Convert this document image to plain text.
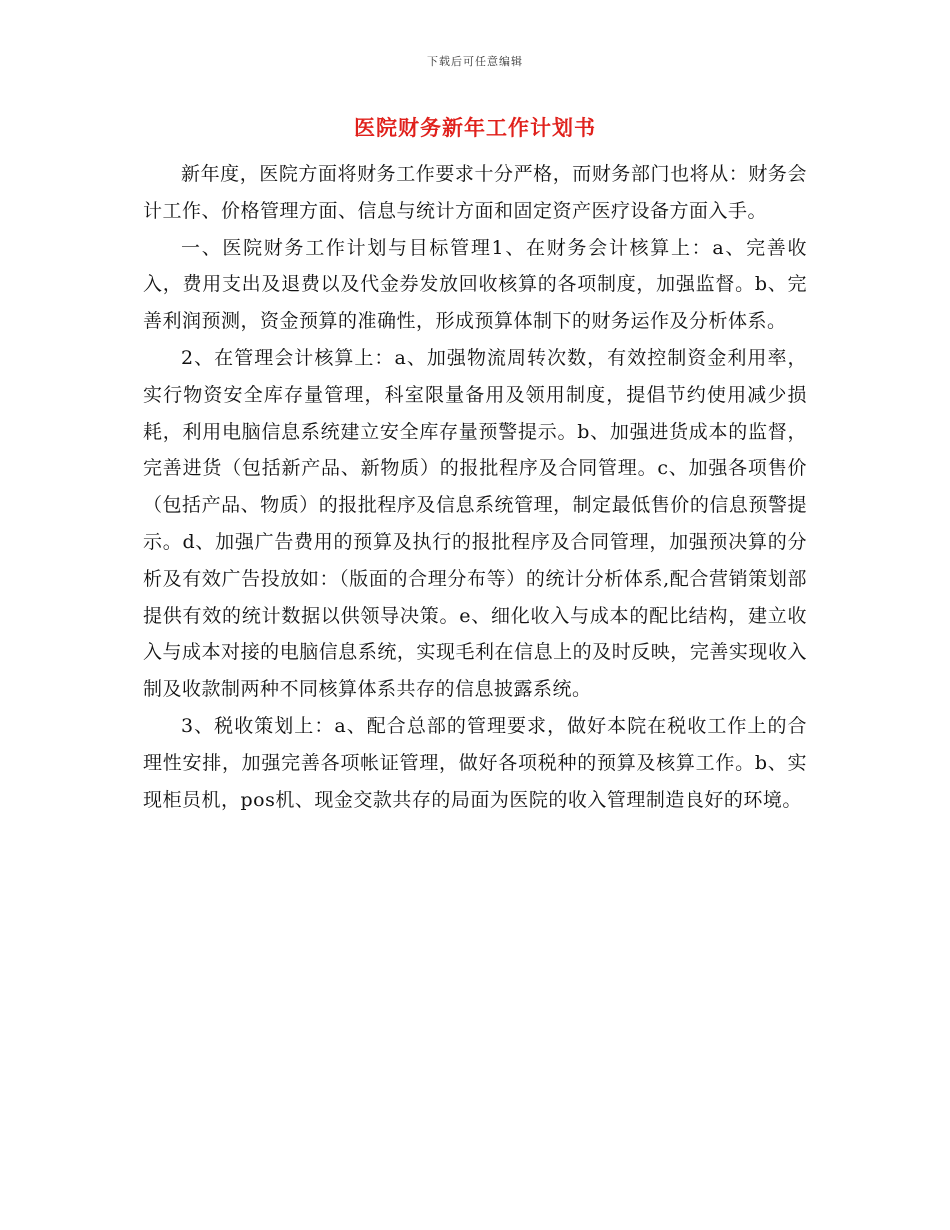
下载后可任意编辑
医院财务新年工作计划书

新年度，医院方面将财务工作要求十分严格，而财务部门也将从：财务会计工作、价格管理方面、信息与统计方面和固定资产医疗设备方面入手。

一、医院财务工作计划与目标管理1、在财务会计核算上：a、完善收入，费用支出及退费以及代金券发放回收核算的各项制度，加强监督。b、完善利润预测，资金预算的准确性，形成预算体制下的财务运作及分析体系。

2、在管理会计核算上：a、加强物流周转次数，有效控制资金利用率，实行物资安全库存量管理，科室限量备用及领用制度，提倡节约使用减少损耗，利用电脑信息系统建立安全库存量预警提示。b、加强进货成本的监督，完善进货（包括新产品、新物质）的报批程序及合同管理。c、加强各项售价（包括产品、物质）的报批程序及信息系统管理，制定最低售价的信息预警提示。d、加强广告费用的预算及执行的报批程序及合同管理，加强预决算的分析及有效广告投放如：（版面的合理分布等）的统计分析体系,配合营销策划部提供有效的统计数据以供领导决策。e、细化收入与成本的配比结构，建立收入与成本对接的电脑信息系统，实现毛利在信息上的及时反映，完善实现收入制及收款制两种不同核算体系共存的信息披露系统。

3、税收策划上：a、配合总部的管理要求，做好本院在税收工作上的合理性安排，加强完善各项帐证管理，做好各项税种的预算及核算工作。b、实现柜员机，pos机、现金交款共存的局面为医院的收入管理制造良好的环境。
